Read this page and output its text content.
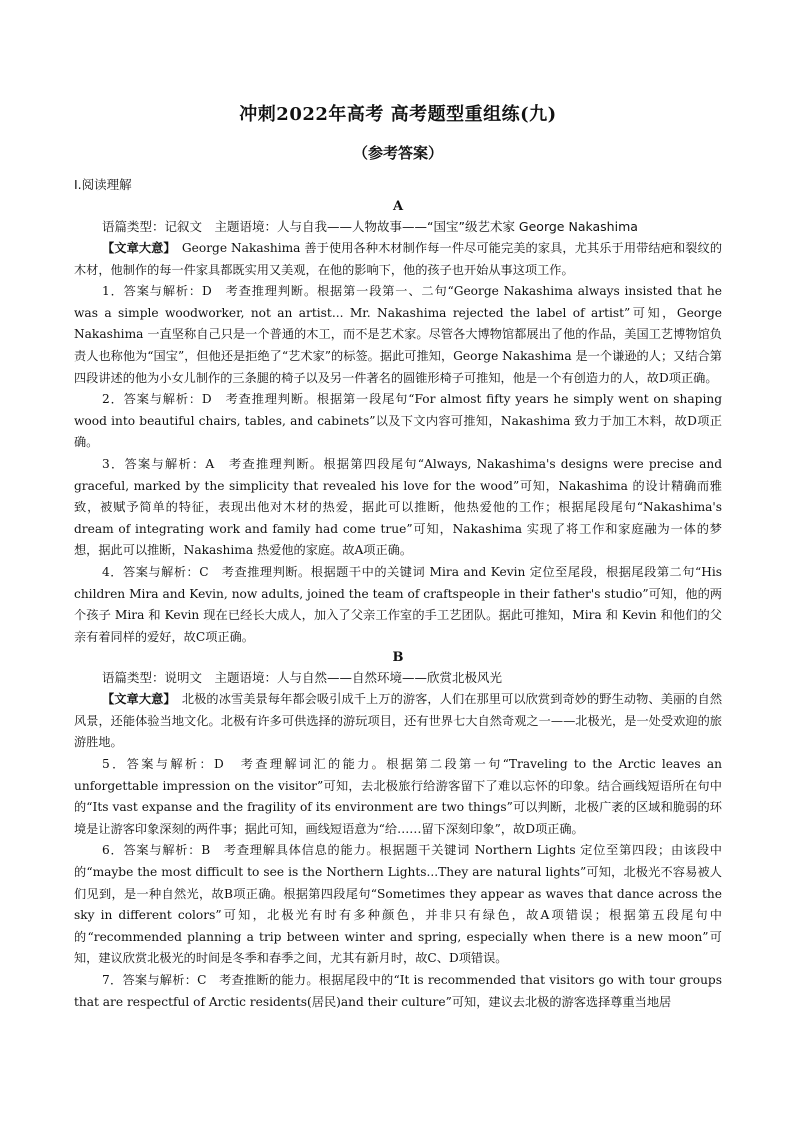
冲刺2022年高考 高考题型重组练(九)
（参考答案）
Ⅰ.阅读理解
A
语篇类型：记叙文　主题语境：人与自我——人物故事——“国宝”级艺术家 George Nakashima

【文章大意】　 George Nakashima 善于使用各种木材制作每一件尽可能完美的家具，尤其乐于用带结疤和裂纹的木材，他制作的每一件家具都既实用又美观，在他的影响下，他的孩子也开始从事这项工作。

1．答案与解析：D　考查推理判断。根据第一段第一、二句“George Nakashima always insisted that he was a simple woodworker, not an artist... Mr. Nakashima rejected the label of artist”可知，George Nakashima 一直坚称自己只是一个普通的木工，而不是艺术家。尽管各大博物馆都展出了他的作品，美国工艺博物馆负责人也称他为“国宝”，但他还是拒绝了“艺术家”的标签。据此可推知，George Nakashima 是一个谦逊的人；又结合第四段讲述的他为小女儿制作的三条腿的椅子以及另一件著名的圆锥形椅子可推知，他是一个有创造力的人，故D项正确。

2．答案与解析：D　考查推理判断。根据第一段尾句“For almost fifty years he simply went on shaping wood into beautiful chairs, tables, and cabinets”以及下文内容可推知，Nakashima 致力于加工木料，故D项正确。

3．答案与解析：A　考查推理判断。根据第四段尾句“Always, Nakashima's designs were precise and graceful, marked by the simplicity that revealed his love for the wood”可知，Nakashima 的设计精确而雅致，被赋予简单的特征，表现出他对木材的热爱，据此可以推断，他热爱他的工作；根据尾段尾句“Nakashima's dream of integrating work and family had come true”可知，Nakashima 实现了将工作和家庭融为一体的梦想，据此可以推断，Nakashima 热爱他的家庭。故A项正确。

4．答案与解析：C　考查推理判断。根据题干中的关键词 Mira and Kevin 定位至尾段，根据尾段第二句“His children Mira and Kevin, now adults, joined the team of craftspeople in their father's studio”可知，他的两个孩子 Mira 和 Kevin 现在已经长大成人，加入了父亲工作室的手工艺团队。据此可推知，Mira 和 Kevin 和他们的父亲有着同样的爱好，故C项正确。

B
语篇类型：说明文　主题语境：人与自然——自然环境——欣赏北极风光

【文章大意】　 北极的冰雪美景每年都会吸引成千上万的游客，人们在那里可以欣赏到奇妙的野生动物、美丽的自然风景，还能体验当地文化。北极有许多可供选择的游玩项目，还有世界七大自然奇观之一——北极光，是一处受欢迎的旅游胜地。

5．答案与解析：D　考查理解词汇的能力。根据第二段第一句“Traveling to the Arctic leaves an unforgettable impression on the visitor”可知，去北极旅行给游客留下了难以忘怀的印象。结合画线短语所在句中的“Its vast expanse and the fragility of its environment are two things”可以判断，北极广袤的区域和脆弱的环境是让游客印象深刻的两件事；据此可知，画线短语意为“给……留下深刻印象”，故D项正确。

6．答案与解析：B　考查理解具体信息的能力。根据题干关键词 Northern Lights 定位至第四段；由该段中的“maybe the most difficult to see is the Northern Lights...They are natural lights”可知，北极光不容易被人们见到，是一种自然光，故B项正确。根据第四段尾句“Sometimes they appear as waves that dance across the sky in different colors”可知，北极光有时有多种颜色，并非只有绿色，故A项错误；根据第五段尾句中的“recommended planning a trip between winter and spring, especially when there is a new moon”可知，建议欣赏北极光的时间是冬季和春季之间，尤其有新月时，故C、D项错误。

7．答案与解析：C　考查推断的能力。根据尾段中的“It is recommended that visitors go with tour groups that are respectful of Arctic residents(居民)and their culture”可知，建议去北极的游客选择尊重当地居
